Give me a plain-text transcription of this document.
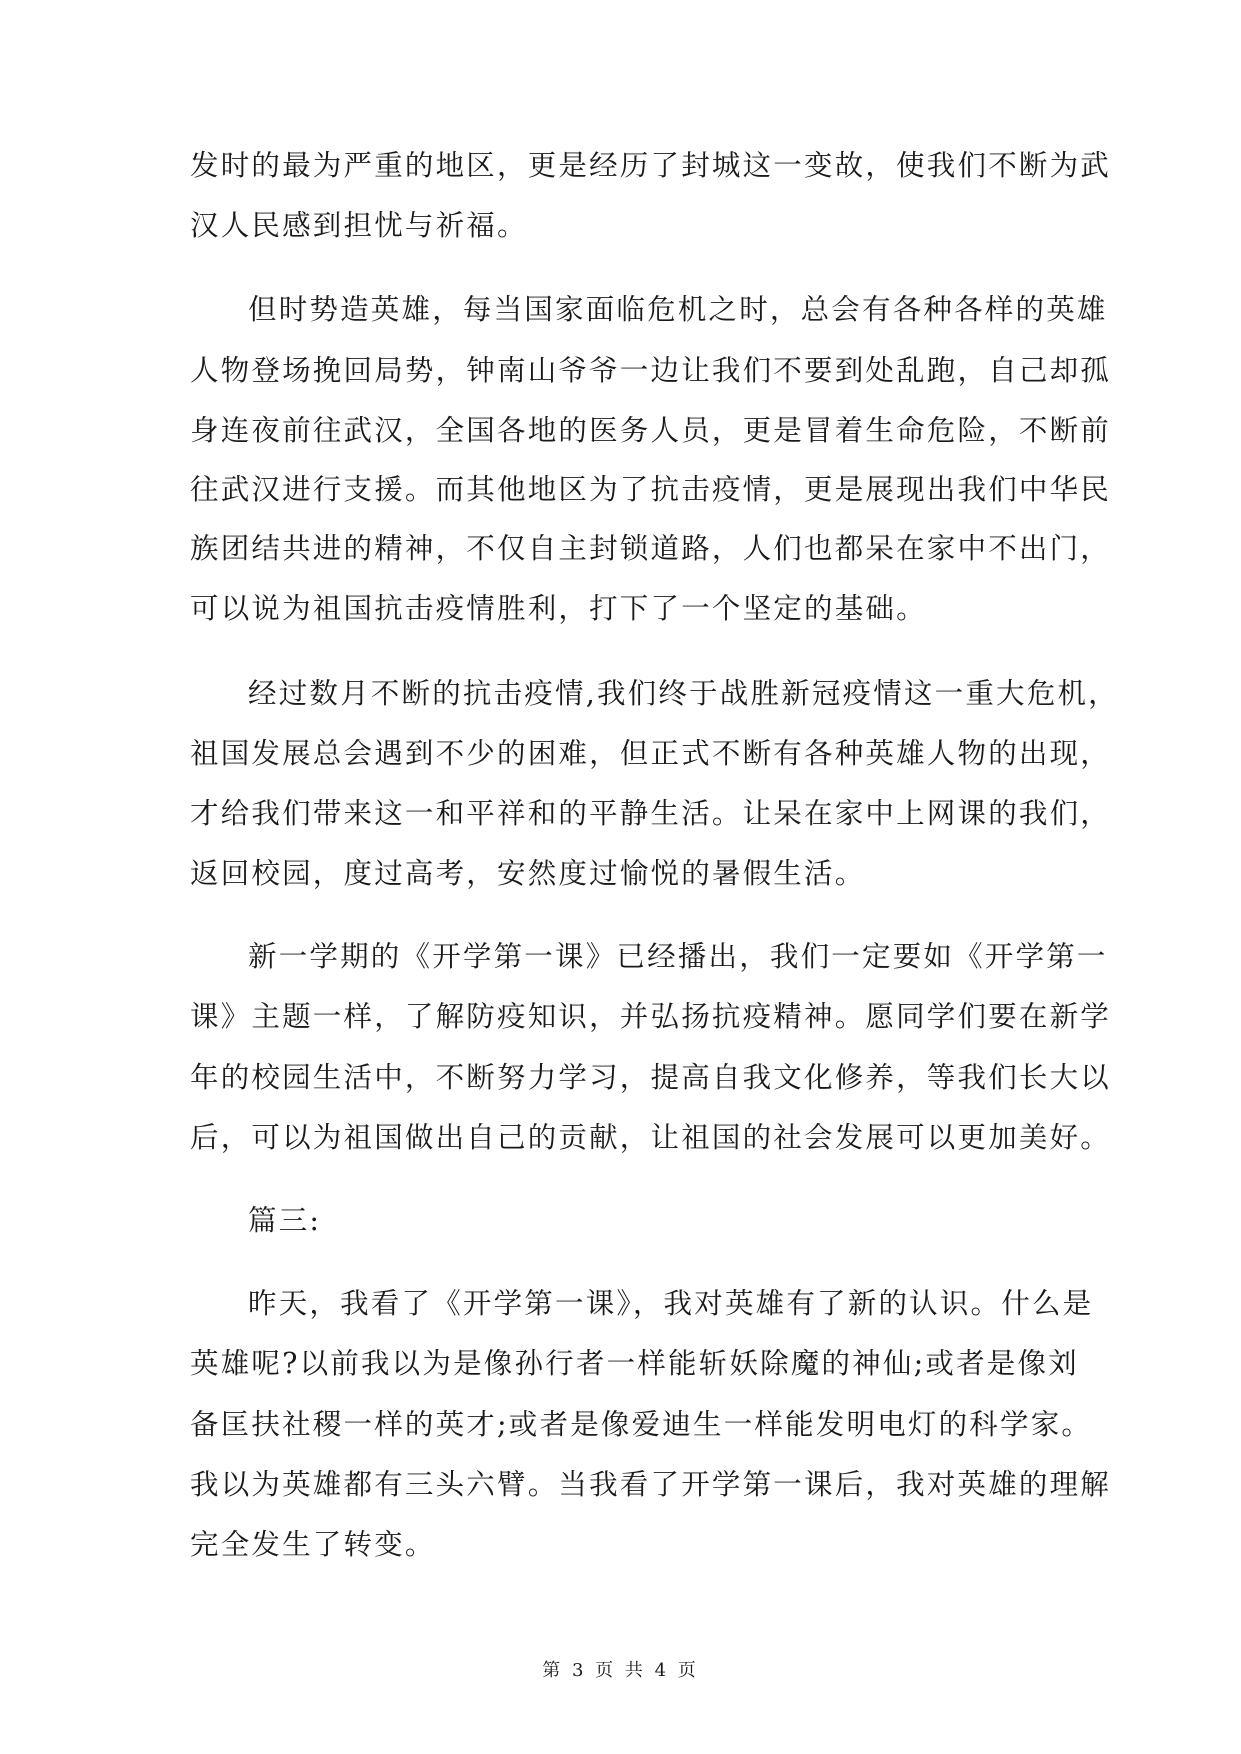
发时的最为严重的地区，更是经历了封城这一变故，使我们不断为武
汉人民感到担忧与祈福。
但时势造英雄，每当国家面临危机之时，总会有各种各样的英雄
人物登场挽回局势，钟南山爷爷一边让我们不要到处乱跑，自己却孤
身连夜前往武汉，全国各地的医务人员，更是冒着生命危险，不断前
往武汉进行支援。而其他地区为了抗击疫情，更是展现出我们中华民
族团结共进的精神，不仅自主封锁道路，人们也都呆在家中不出门，
可以说为祖国抗击疫情胜利，打下了一个坚定的基础。
经过数月不断的抗击疫情,我们终于战胜新冠疫情这一重大危机，
祖国发展总会遇到不少的困难，但正式不断有各种英雄人物的出现，
才给我们带来这一和平祥和的平静生活。让呆在家中上网课的我们，
返回校园，度过高考，安然度过愉悦的暑假生活。
新一学期的《开学第一课》已经播出，我们一定要如《开学第一
课》主题一样，了解防疫知识，并弘扬抗疫精神。愿同学们要在新学
年的校园生活中，不断努力学习，提高自我文化修养，等我们长大以
后，可以为祖国做出自己的贡献，让祖国的社会发展可以更加美好。
篇三:
昨天，我看了《开学第一课》，我对英雄有了新的认识。什么是
英雄呢?以前我以为是像孙行者一样能斩妖除魔的神仙;或者是像刘
备匡扶社稷一样的英才;或者是像爱迪生一样能发明电灯的科学家。
我以为英雄都有三头六臂。当我看了开学第一课后，我对英雄的理解
完全发生了转变。
第 3 页 共 4 页
